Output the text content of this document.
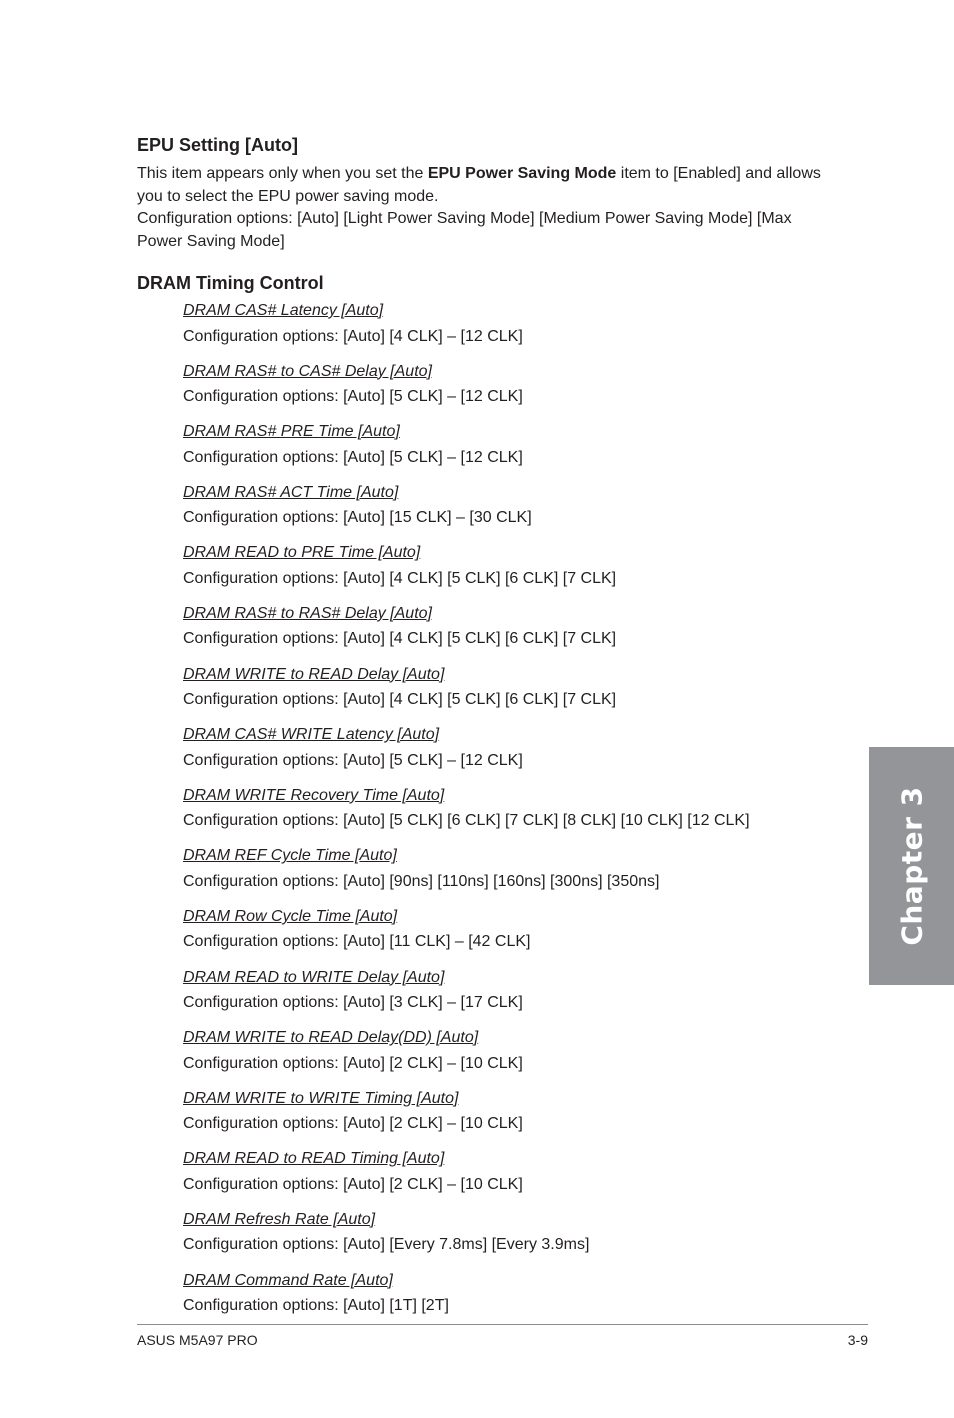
EPU Setting [Auto]

This item appears only when you set the EPU Power Saving Mode item to [Enabled] and allows you to select the EPU power saving mode.

Configuration options: [Auto] [Light Power Saving Mode] [Medium Power Saving Mode] [Max Power Saving Mode]

DRAM Timing Control

DRAM CAS# Latency [Auto]

Configuration options: [Auto] [4 CLK] – [12 CLK]

DRAM RAS# to CAS# Delay [Auto]

Configuration options: [Auto] [5 CLK] – [12 CLK]

DRAM RAS# PRE Time [Auto]

Configuration options: [Auto] [5 CLK] – [12 CLK]

DRAM RAS# ACT Time [Auto]

Configuration options: [Auto] [15 CLK] – [30 CLK]

DRAM READ to PRE Time [Auto]

Configuration options: [Auto] [4 CLK] [5 CLK] [6 CLK] [7 CLK]

DRAM RAS# to RAS# Delay [Auto]

Configuration options: [Auto] [4 CLK] [5 CLK] [6 CLK] [7 CLK]

DRAM WRITE to READ Delay [Auto]

Configuration options: [Auto] [4 CLK] [5 CLK] [6 CLK] [7 CLK]

DRAM CAS# WRITE Latency [Auto]

Configuration options: [Auto] [5 CLK] – [12 CLK]

DRAM WRITE Recovery Time [Auto]

Configuration options: [Auto] [5 CLK] [6 CLK] [7 CLK] [8 CLK] [10 CLK] [12 CLK]

DRAM REF Cycle Time [Auto]

Configuration options: [Auto] [90ns] [110ns] [160ns] [300ns] [350ns]

DRAM Row Cycle Time [Auto]

Configuration options: [Auto] [11 CLK] – [42 CLK]

DRAM READ to WRITE Delay [Auto]

Configuration options: [Auto] [3 CLK] – [17 CLK]

DRAM WRITE to READ Delay(DD) [Auto]

Configuration options: [Auto] [2 CLK] – [10 CLK]

DRAM WRITE to WRITE Timing [Auto]

Configuration options: [Auto] [2 CLK] – [10 CLK]

DRAM READ to READ Timing [Auto]

Configuration options: [Auto] [2 CLK] – [10 CLK]

DRAM Refresh Rate [Auto]

Configuration options: [Auto] [Every 7.8ms] [Every 3.9ms]

DRAM Command Rate [Auto]

Configuration options: [Auto] [1T] [2T]

Chapter 3
ASUS M5A97 PRO	3-9
